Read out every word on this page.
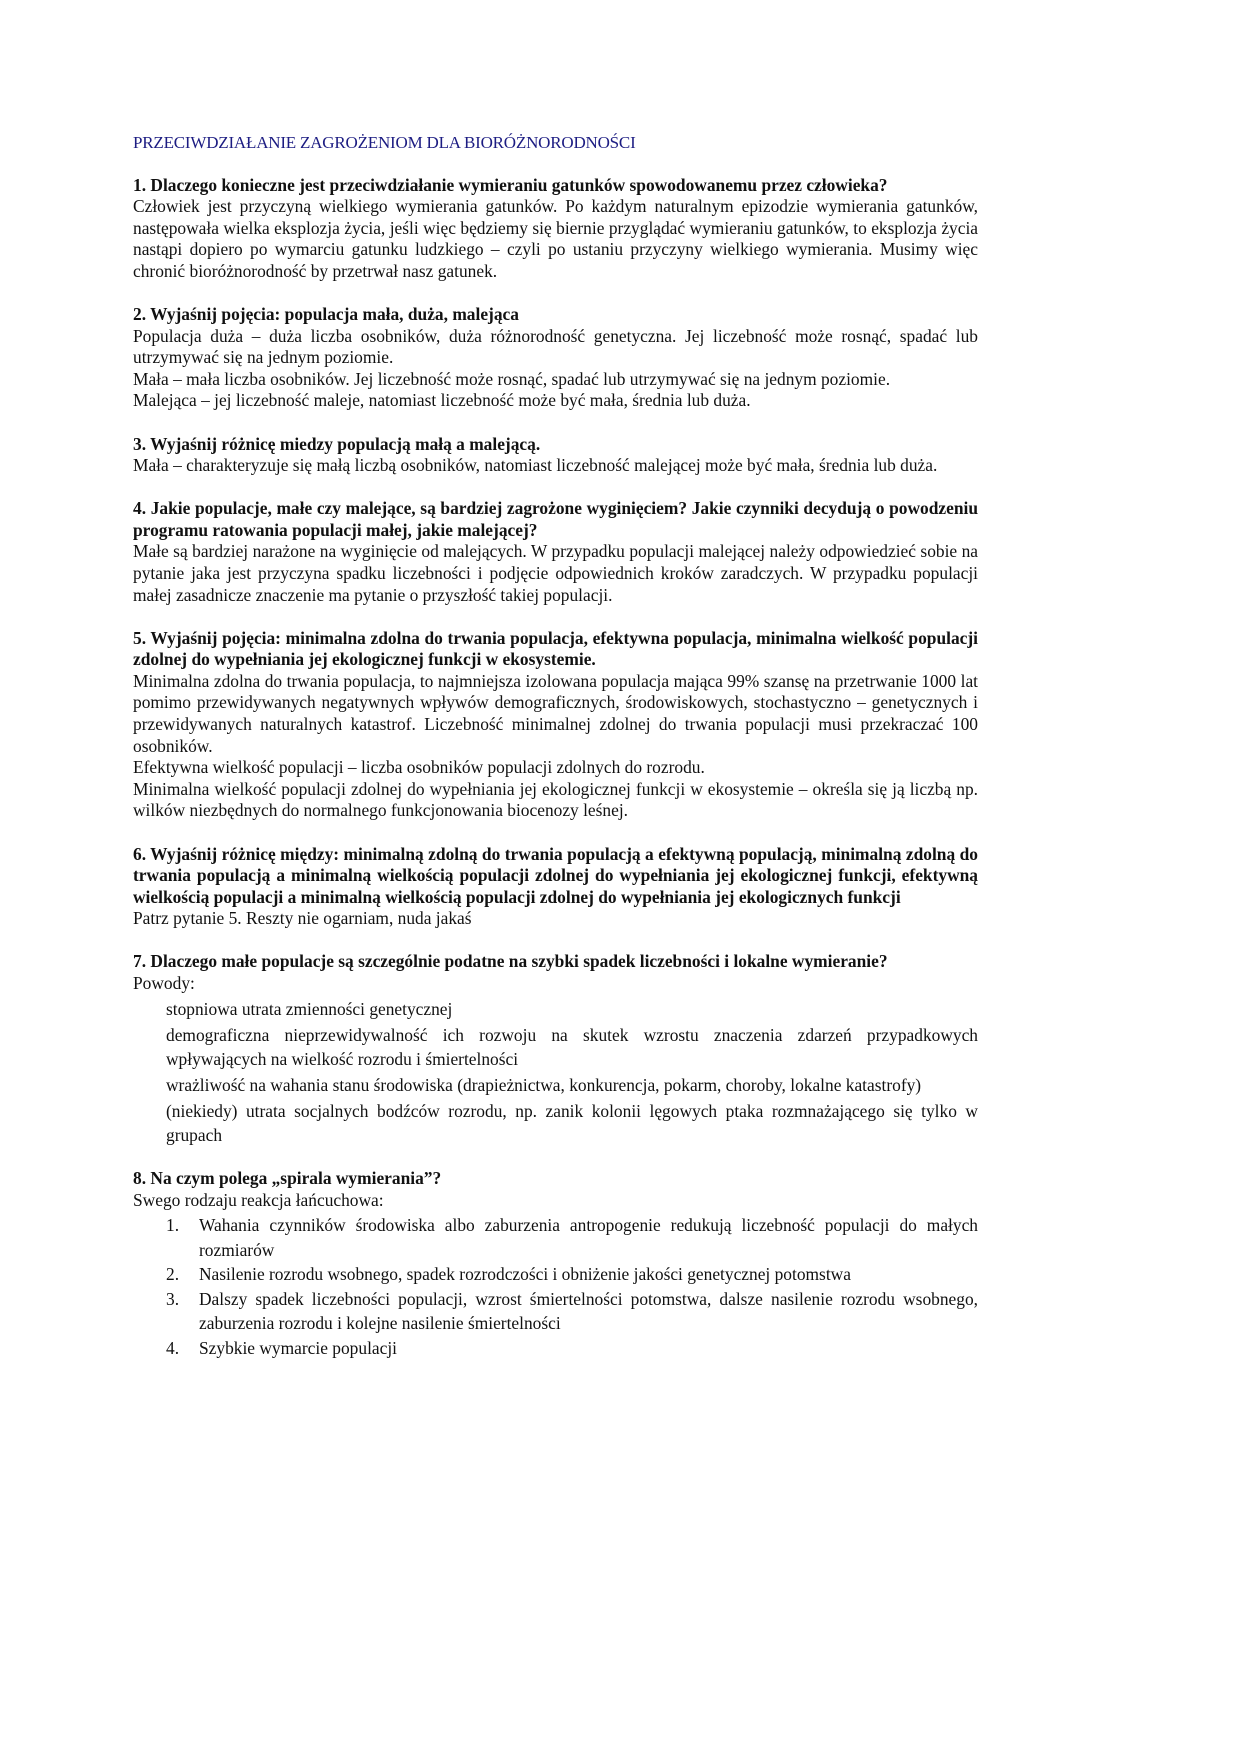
PRZECIWDZIAŁANIE ZAGROŻENIOM DLA BIORÓŻNORODNOŚCI

1. Dlaczego konieczne jest przeciwdziałanie wymieraniu gatunków spowodowanemu przez człowieka?

Człowiek jest przyczyną wielkiego wymierania gatunków. Po każdym naturalnym epizodzie wymierania gatunków, następowała wielka eksplozja życia, jeśli więc będziemy się biernie przyglądać wymieraniu gatunków, to eksplozja życia nastąpi dopiero po wymarciu gatunku ludzkiego – czyli po ustaniu przyczyny wielkiego wymierania. Musimy więc chronić bioróżnorodność by przetrwał nasz gatunek.

2. Wyjaśnij pojęcia: populacja mała, duża, malejąca

Populacja duża – duża liczba osobników, duża różnorodność genetyczna. Jej liczebność może rosnąć, spadać lub utrzymywać się na jednym poziomie.

Mała – mała liczba osobników. Jej liczebność może rosnąć, spadać lub utrzymywać się na jednym poziomie.

Malejąca – jej liczebność maleje, natomiast liczebność może być mała, średnia lub duża.

3. Wyjaśnij różnicę miedzy populacją małą a malejącą.

Mała – charakteryzuje się małą liczbą osobników, natomiast liczebność malejącej może być mała, średnia lub duża.

4. Jakie populacje, małe czy malejące, są bardziej zagrożone wyginięciem? Jakie czynniki decydują o powodzeniu programu ratowania populacji małej, jakie malejącej?

Małe są bardziej narażone na wyginięcie od malejących. W przypadku populacji malejącej należy odpowiedzieć sobie na pytanie jaka jest przyczyna spadku liczebności i podjęcie odpowiednich kroków zaradczych. W przypadku populacji małej zasadnicze znaczenie ma pytanie o przyszłość takiej populacji.

5. Wyjaśnij pojęcia: minimalna zdolna do trwania populacja, efektywna populacja, minimalna wielkość populacji zdolnej do wypełniania jej ekologicznej funkcji w ekosystemie.

Minimalna zdolna do trwania populacja, to najmniejsza izolowana populacja mająca 99% szansę na przetrwanie 1000 lat pomimo przewidywanych negatywnych wpływów demograficznych, środowiskowych, stochastyczno – genetycznych i przewidywanych naturalnych katastrof. Liczebność minimalnej zdolnej do trwania populacji musi przekraczać 100 osobników.

Efektywna wielkość populacji – liczba osobników populacji zdolnych do rozrodu.

Minimalna wielkość populacji zdolnej do wypełniania jej ekologicznej funkcji w ekosystemie – określa się ją liczbą np. wilków niezbędnych do normalnego funkcjonowania biocenozy leśnej.

6. Wyjaśnij różnicę między: minimalną zdolną do trwania populacją a efektywną populacją, minimalną zdolną do trwania populacją a minimalną wielkością populacji zdolnej do wypełniania jej ekologicznej funkcji, efektywną wielkością populacji a minimalną wielkością populacji zdolnej do wypełniania jej ekologicznych funkcji

Patrz pytanie 5. Reszty nie ogarniam, nuda jakaś

7. Dlaczego małe populacje są szczególnie podatne na szybki spadek liczebności i lokalne wymieranie?

Powody:

stopniowa utrata zmienności genetycznej

demograficzna nieprzewidywalność ich rozwoju na skutek wzrostu znaczenia zdarzeń przypadkowych wpływających na wielkość rozrodu i śmiertelności

wrażliwość na wahania stanu środowiska (drapieżnictwa, konkurencja, pokarm, choroby, lokalne katastrofy)

(niekiedy) utrata socjalnych bodźców rozrodu, np. zanik kolonii lęgowych ptaka rozmnażającego się tylko w grupach

8. Na czym polega „spirala wymierania”?

Swego rodzaju reakcja łańcuchowa:

1.	Wahania czynników środowiska albo zaburzenia antropogenie redukują liczebność populacji do małych rozmiarów
2.	Nasilenie rozrodu wsobnego, spadek rozrodczości i obniżenie jakości genetycznej potomstwa
3.	Dalszy spadek liczebności populacji, wzrost śmiertelności potomstwa, dalsze nasilenie rozrodu wsobnego, zaburzenia rozrodu i kolejne nasilenie śmiertelności
4.	Szybkie wymarcie populacji
